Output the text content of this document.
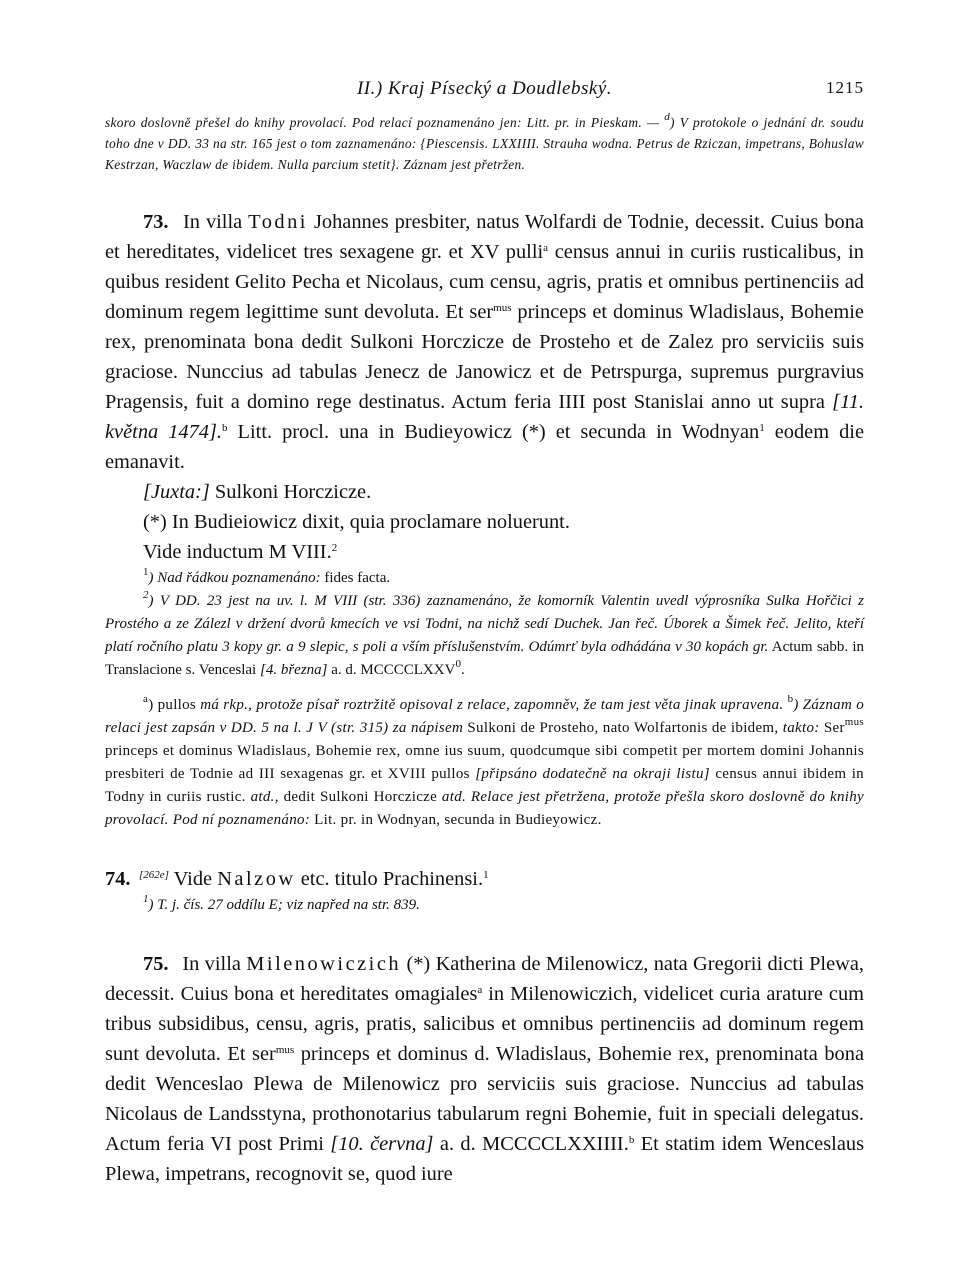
II.) Kraj Písecký a Doudlebský.	1215

skoro doslovně přešel do knihy provolací. Pod relací poznamenáno jen: Litt. pr. in Pieskam. — $^d$) V protokole o jednání dr. soudu toho dne v DD. 33 na str. 165 jest o tom zaznamenáno: {Piescensis. LXXIIII. Strauha wodna. Petrus de Rziczan, impetrans, Bohuslaw Kestrzan, Waczlaw de ibidem. Nulla parcium stetit}. Záznam jest přetržen.

73. In villa Todni Johannes presbiter, natus Wolfardi de Todnie, decessit. Cuius bona et hereditates, videlicet tres sexagene gr. et XV pulli$^a$ census annui in curiis rusticalibus, in quibus resident Gelito Pecha et Nicolaus, cum censu, agris, pratis et omnibus pertinenciis ad dominum regem legittime sunt devoluta. Et ser$^{mus}$ princeps et dominus Wladislaus, Bohemie rex, prenominata bona dedit Sulkoni Horczicze de Prosteho et de Zalez pro serviciis suis graciose. Nunccius ad tabulas Jenecz de Janowicz et de Petrspurga, supremus purgravius Pragensis, fuit a domino rege destinatus. Actum feria IIII post Stanislai anno ut supra [11. května 1474].$^b$ Litt. procl. una in Budieyowicz (*) et secunda in Wodnyan$^1$ eodem die emanavit.

[Juxta:] Sulkoni Horczicze.

(*) In Budieiowicz dixit, quia proclamare noluerunt.

Vide inductum M VIII.$^2$

$^1$) Nad řádkou poznamenáno: fides facta.

$^2$) V DD. 23 jest na uv. l. M VIII (str. 336) zaznamenáno, že komorník Valentin uvedl výprosníka Sulka Hořčici z Prostého a ze Zálezl v držení dvorů kmecích ve vsi Todni, na nichž sedí Duchek. Jan řeč. Úborek a Šimek řeč. Jelito, kteří platí ročního platu 3 kopy gr. a 9 slepic, s poli a vším příslušenstvím. Odúmrť byla odhádána v 30 kopách gr. Actum sabb. in Translacione s. Venceslai [4. března] a. d. MCCCCLXXV$^0$.

$^a$) pullos má rkp., protože písař roztržitě opisoval z relace, zapomněv, že tam jest věta jinak upravena. $^b$) Záznam o relaci jest zapsán v DD. 5 na l. J V (str. 315) za nápisem Sulkoni de Prosteho, nato Wolfartonis de ibidem, takto: Ser$^{mus}$ princeps et dominus Wladislaus, Bohemie rex, omne ius suum, quodcumque sibi competit per mortem domini Johannis presbiteri de Todnie ad III sexagenas gr. et XVIII pullos [připsáno dodatečně na okraji listu] census annui ibidem in Todny in curiis rustic. atd., dedit Sulkoni Horczicze atd. Relace jest přetržena, protože přešla skoro doslovně do knihy provolací. Pod ní poznamenáno: Lit. pr. in Wodnyan, secunda in Budieyowicz.

74. [262e] Vide Nalzow etc. titulo Prachinensi.$^1$

$^1$) T. j. čís. 27 oddílu E; viz napřed na str. 839.

75. In villa Milenowiczich (*) Katherina de Milenowicz, nata Gregorii dicti Plewa, decessit. Cuius bona et hereditates omagiales$^a$ in Milenowiczich, videlicet curia arature cum tribus subsidibus, censu, agris, pratis, salicibus et omnibus pertinenciis ad dominum regem sunt devoluta. Et ser$^{mus}$ princeps et dominus d. Wladislaus, Bohemie rex, prenominata bona dedit Wenceslao Plewa de Milenowicz pro serviciis suis graciose. Nunccius ad tabulas Nicolaus de Landsstyna, prothonotarius tabularum regni Bohemie, fuit in speciali delegatus. Actum feria VI post Primi [10. června] a. d. MCCCCLXXIIII.$^b$ Et statim idem Wenceslaus Plewa, impetrans, recognovit se, quod iure
